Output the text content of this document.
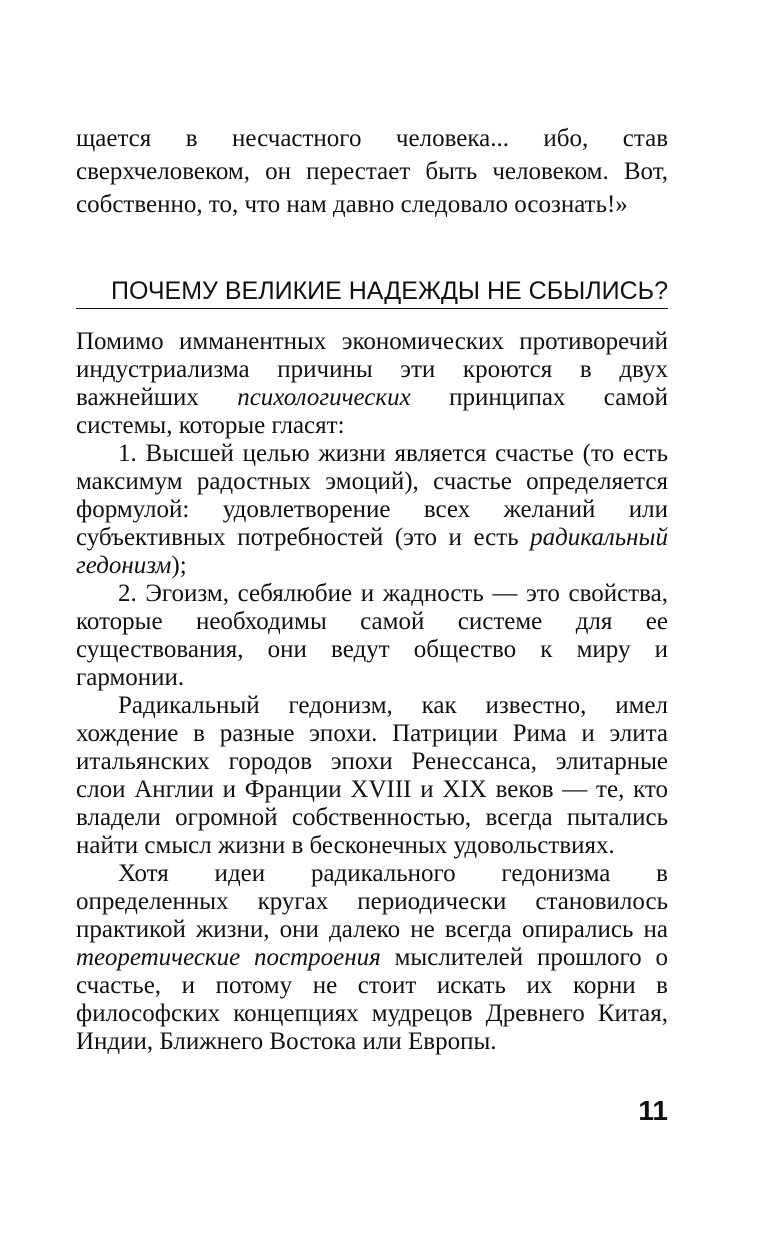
щается в несчастного человека... ибо, став сверхчеловеком, он перестает быть человеком. Вот, собственно, то, что нам давно следовало осознать!»
ПОЧЕМУ ВЕЛИКИЕ НАДЕЖДЫ НЕ СБЫЛИСЬ?

Помимо имманентных экономических противоречий индустриализма причины эти кроются в двух важнейших психологических принципах самой системы, которые гласят:

1. Высшей целью жизни является счастье (то есть максимум радостных эмоций), счастье определяется формулой: удовлетворение всех желаний или субъективных потребностей (это и есть радикальный гедонизм);

2. Эгоизм, себялюбие и жадность — это свойства, которые необходимы самой системе для ее существования, они ведут общество к миру и гармонии.

Радикальный гедонизм, как известно, имел хождение в разные эпохи. Патриции Рима и элита итальянских городов эпохи Ренессанса, элитарные слои Англии и Франции XVIII и XIX веков — те, кто владели огромной собственностью, всегда пытались найти смысл жизни в бесконечных удовольствиях.

Хотя идеи радикального гедонизма в определенных кругах периодически становилось практикой жизни, они далеко не всегда опирались на теоретические построения мыслителей прошлого о счастье, и потому не стоит искать их корни в философских концепциях мудрецов Древнего Китая, Индии, Ближнего Востока или Европы.

11
